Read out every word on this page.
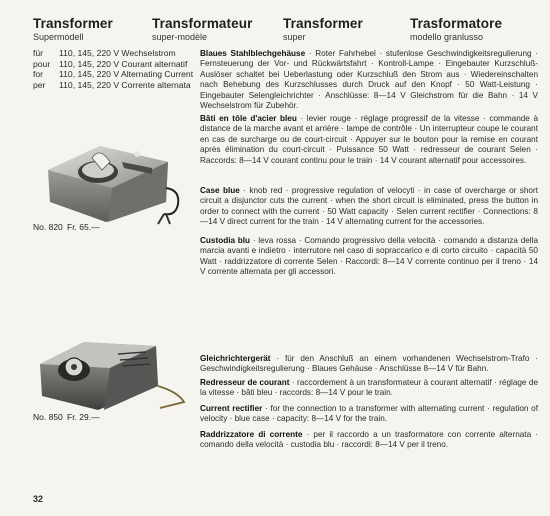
Transformer
Supermodell
Transformateur
super-modèle
Transformer
super
Trasformatore
modello granlusso
für 110, 145, 220 V Wechselstrom
pour 110, 145, 220 V Courant alternatif
for 110, 145, 220 V Alternating Current
per 110, 145, 220 V Corrente alternata
No. 820 Fr. 65.—
Blaues Stahlblechgehäuse · Roter Fahrhebel · stufenlose Geschwindigkeitsregulierung · Fernsteuerung der Vor- und Rückwärtsfahrt · Kontroll-Lampe · Eingebauter Kurzschluß-Auslöser schaltet bei Ueberlastung oder Kurzschluß den Strom aus · Wiedereinschalten nach Behebung des Kurzschlusses durch Druck auf den Knopf · 50 Watt-Leistung · Eingebauter Selengleichrichter · Anschlüsse: 8—14 V Gleichstrom für die Bahn · 14 V Wechselstrom für Zubehör.
Bâti en tôle d'acier bleu · levier rouge · réglage progressif de la vitesse · commande à distance de la marche avant et arrière · lampe de contrôle · Un interrupteur coupe le courant en cas de surcharge ou de court-circuit · Appuyer sur le bouton pour la remise en courant après élimination du court-circuit · Puissance 50 Watt · redresseur de courant Selen · Raccords: 8—14 V courant continu pour le train · 14 V courant alternatif pour accessoires.
Case blue · knob red · progressive regulation of velocyti · in case of overcharge or short circuit a disjunctor cuts the current · when the short circuit is eliminated, press the button in order to connect with the current · 50 Watt capacity · Selen current rectifier · Connections: 8—14 V direct current for the train · 14 V alternating current for the accessories.
Custodia blu · leva rossa · Comando progressivo della velocità · comando a distanza della marcia avanti e indietro · interrutore nel caso di sopraccarico e di corto circuito · capacità 50 Watt · raddrizzatore di corrente Selen · Raccordi: 8—14 V corrente continuo per il treno · 14 V corrente alternata per gli accessori.
No. 850 Fr. 29.—
Gleichrichtergerät · für den Anschluß an einem vorhandenen Wechselstrom-Trafo · Geschwindigkeitsregulierung · Blaues Gehäuse · Anschlüsse 8—14 V für Bahn.
Redresseur de courant · raccordement à un transformateur à courant alternatif · réglage de la vitesse · bâti bleu · raccords: 8—14 V pour le train.
Current rectifier · for the connection to a transformer with alternating current · regulation of velocity · blue case · capacity: 8—14 V for the train.
Raddrizzatore di corrente · per il raccordo a un trasformatore con corrente alternata · comando della velocità · custodia blu · raccordi: 8—14 V per il treno.
32
